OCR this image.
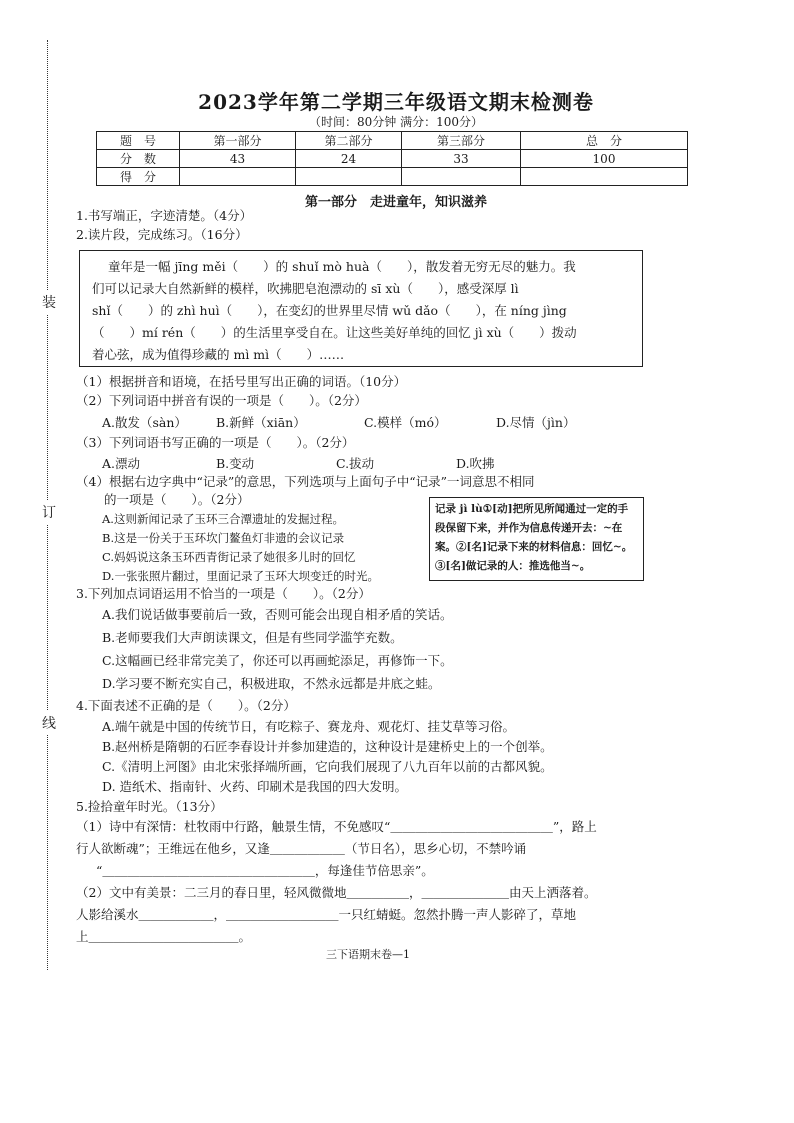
装
订
线
2023学年第二学期三年级语文期末检测卷
（时间：80分钟 满分：100分）
题　号	第一部分	第二部分	第三部分	总　分
分　数	43	24	33	100
得　分				
第一部分　走进童年，知识滋养
1.书写端正，字迹清楚。（4分）
2.读片段，完成练习。（16分）
童年是一幅 jīng měi（　　）的 shuǐ mò huà（　　），散发着无穷无尽的魅力。我
们可以记录大自然新鲜的模样，吹拂肥皂泡漂动的 sī xù（　　），感受深厚 lì
shǐ（　　）的 zhì huì（　　），在变幻的世界里尽情 wǔ dǎo（　　），在 níng jìng
（　　）mí rén（　　）的生活里享受自在。让这些美好单纯的回忆 jì xù（　　）拨动
着心弦，成为值得珍藏的 mì mì（　　）……
（1）根据拼音和语境，在括号里写出正确的词语。（10分）
（2）下列词语中拼音有误的一项是（　　）。（2分）
A.散发（sàn） B.新鲜（xiān）	C.模样（mó）	D.尽情（jìn）
（3）下列词语书写正确的一项是（　　）。（2分）
A.漂动	B.变动	C.拔动	D.吹拂
（4）根据右边字典中“记录”的意思，下列选项与上面句子中“记录”一词意思不相同
的一项是（　　）。（2分）
A.这则新闻记录了玉环三合潭遗址的发掘过程。
B.这是一份关于玉环坎门鳌鱼灯非遗的会议记录
C.妈妈说这条玉环西青街记录了她很多儿时的回忆
D.一张张照片翻过，里面记录了玉环大坝变迁的时光。
记录 jì lù①[动]把所见所闻通过一定的手
段保留下来，并作为信息传递开去：~在
案。②[名]记录下来的材料信息：回忆~。
③[名]做记录的人：推选他当~。
3.下列加点词语运用不恰当的一项是（　　）。（2分）
A.我们说话做事要前后一致，否则可能会出现自相矛盾的笑话。
B.老师要我们大声朗读课文，但是有些同学滥竽充数。
C.这幅画已经非常完美了，你还可以再画蛇添足，再修饰一下。
D.学习要不断充实自己，积极进取，不然永远都是井底之蛙。
4.下面表述不正确的是（　　）。（2分）
A.端午就是中国的传统节日，有吃粽子、赛龙舟、观花灯、挂艾草等习俗。
B.赵州桥是隋朝的石匠李春设计并参加建造的，这种设计是建桥史上的一个创举。
C.《清明上河图》由北宋张择端所画，它向我们展现了八九百年以前的古都风貌。
D. 造纸术、指南针、火药、印刷术是我国的四大发明。
5.捡拾童年时光。（13分）
（1）诗中有深情：杜牧雨中行路，触景生情，不免感叹“＿＿＿＿＿＿＿＿＿＿＿＿＿”，路上
行人欲断魂”；王维远在他乡，又逢＿＿＿＿＿＿（节日名），思乡心切，不禁吟诵
“＿＿＿＿＿＿＿＿＿＿＿＿＿＿＿＿＿，每逢佳节倍思亲”。
（2）文中有美景：二三月的春日里，轻风微微地＿＿＿＿＿，＿＿＿＿＿＿＿由天上洒落着。
人影给溪水＿＿＿＿＿＿，＿＿＿＿＿＿＿＿＿一只红蜻蜓。忽然扑腾一声人影碎了，草地
上＿＿＿＿＿＿＿＿＿＿＿＿。
三下语期末卷—1
